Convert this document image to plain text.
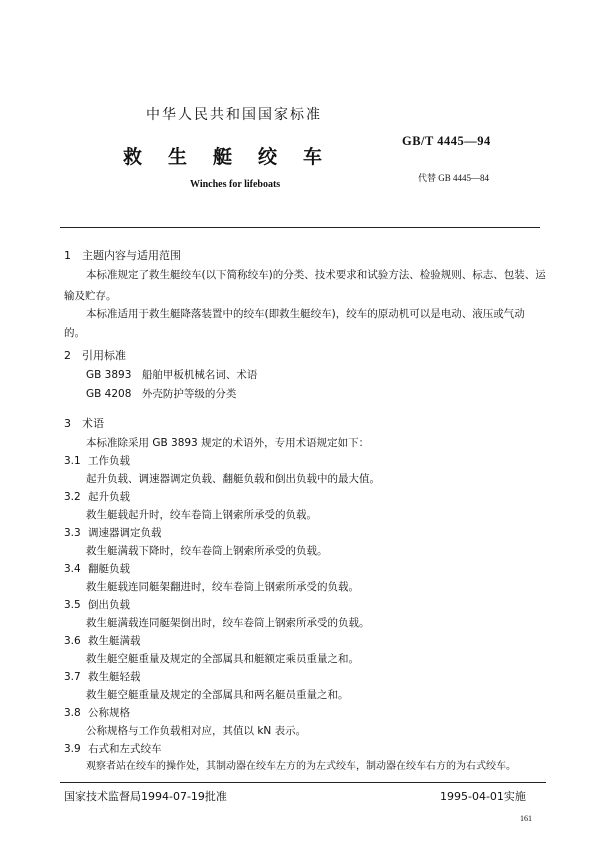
中华人民共和国国家标准
救生艇绞车
Winches for lifeboats
GB/T 4445—94
代替 GB 4445—84
1　主题内容与适用范围
本标准规定了救生艇绞车(以下简称绞车)的分类、技术要求和试验方法、检验规则、标志、包装、运
输及贮存。
本标准适用于救生艇降落装置中的绞车(即救生艇绞车)，绞车的原动机可以是电动、液压或气动
的。
2　引用标准
GB 3893　船舶甲板机械名词、术语
GB 4208　外壳防护等级的分类
3　术语
本标准除采用 GB 3893 规定的术语外，专用术语规定如下：
3.1 工作负载
起升负载、调速器调定负载、翻艇负载和倒出负载中的最大值。
3.2 起升负载
救生艇载起升时，绞车卷筒上钢索所承受的负载。
3.3 调速器调定负载
救生艇满载下降时，绞车卷筒上钢索所承受的负载。
3.4 翻艇负载
救生艇载连同艇架翻进时，绞车卷筒上钢索所承受的负载。
3.5 倒出负载
救生艇满载连同艇架倒出时，绞车卷筒上钢索所承受的负载。
3.6 救生艇满载
救生艇空艇重量及规定的全部属具和艇额定乘员重量之和。
3.7 救生艇轻载
救生艇空艇重量及规定的全部属具和两名艇员重量之和。
3.8 公称规格
公称规格与工作负载相对应，其值以 kN 表示。
3.9 右式和左式绞车
观察者站在绞车的操作处，其制动器在绞车左方的为左式绞车，制动器在绞车右方的为右式绞车。
国家技术监督局1994-07-19批准	1995-04-01实施
161
